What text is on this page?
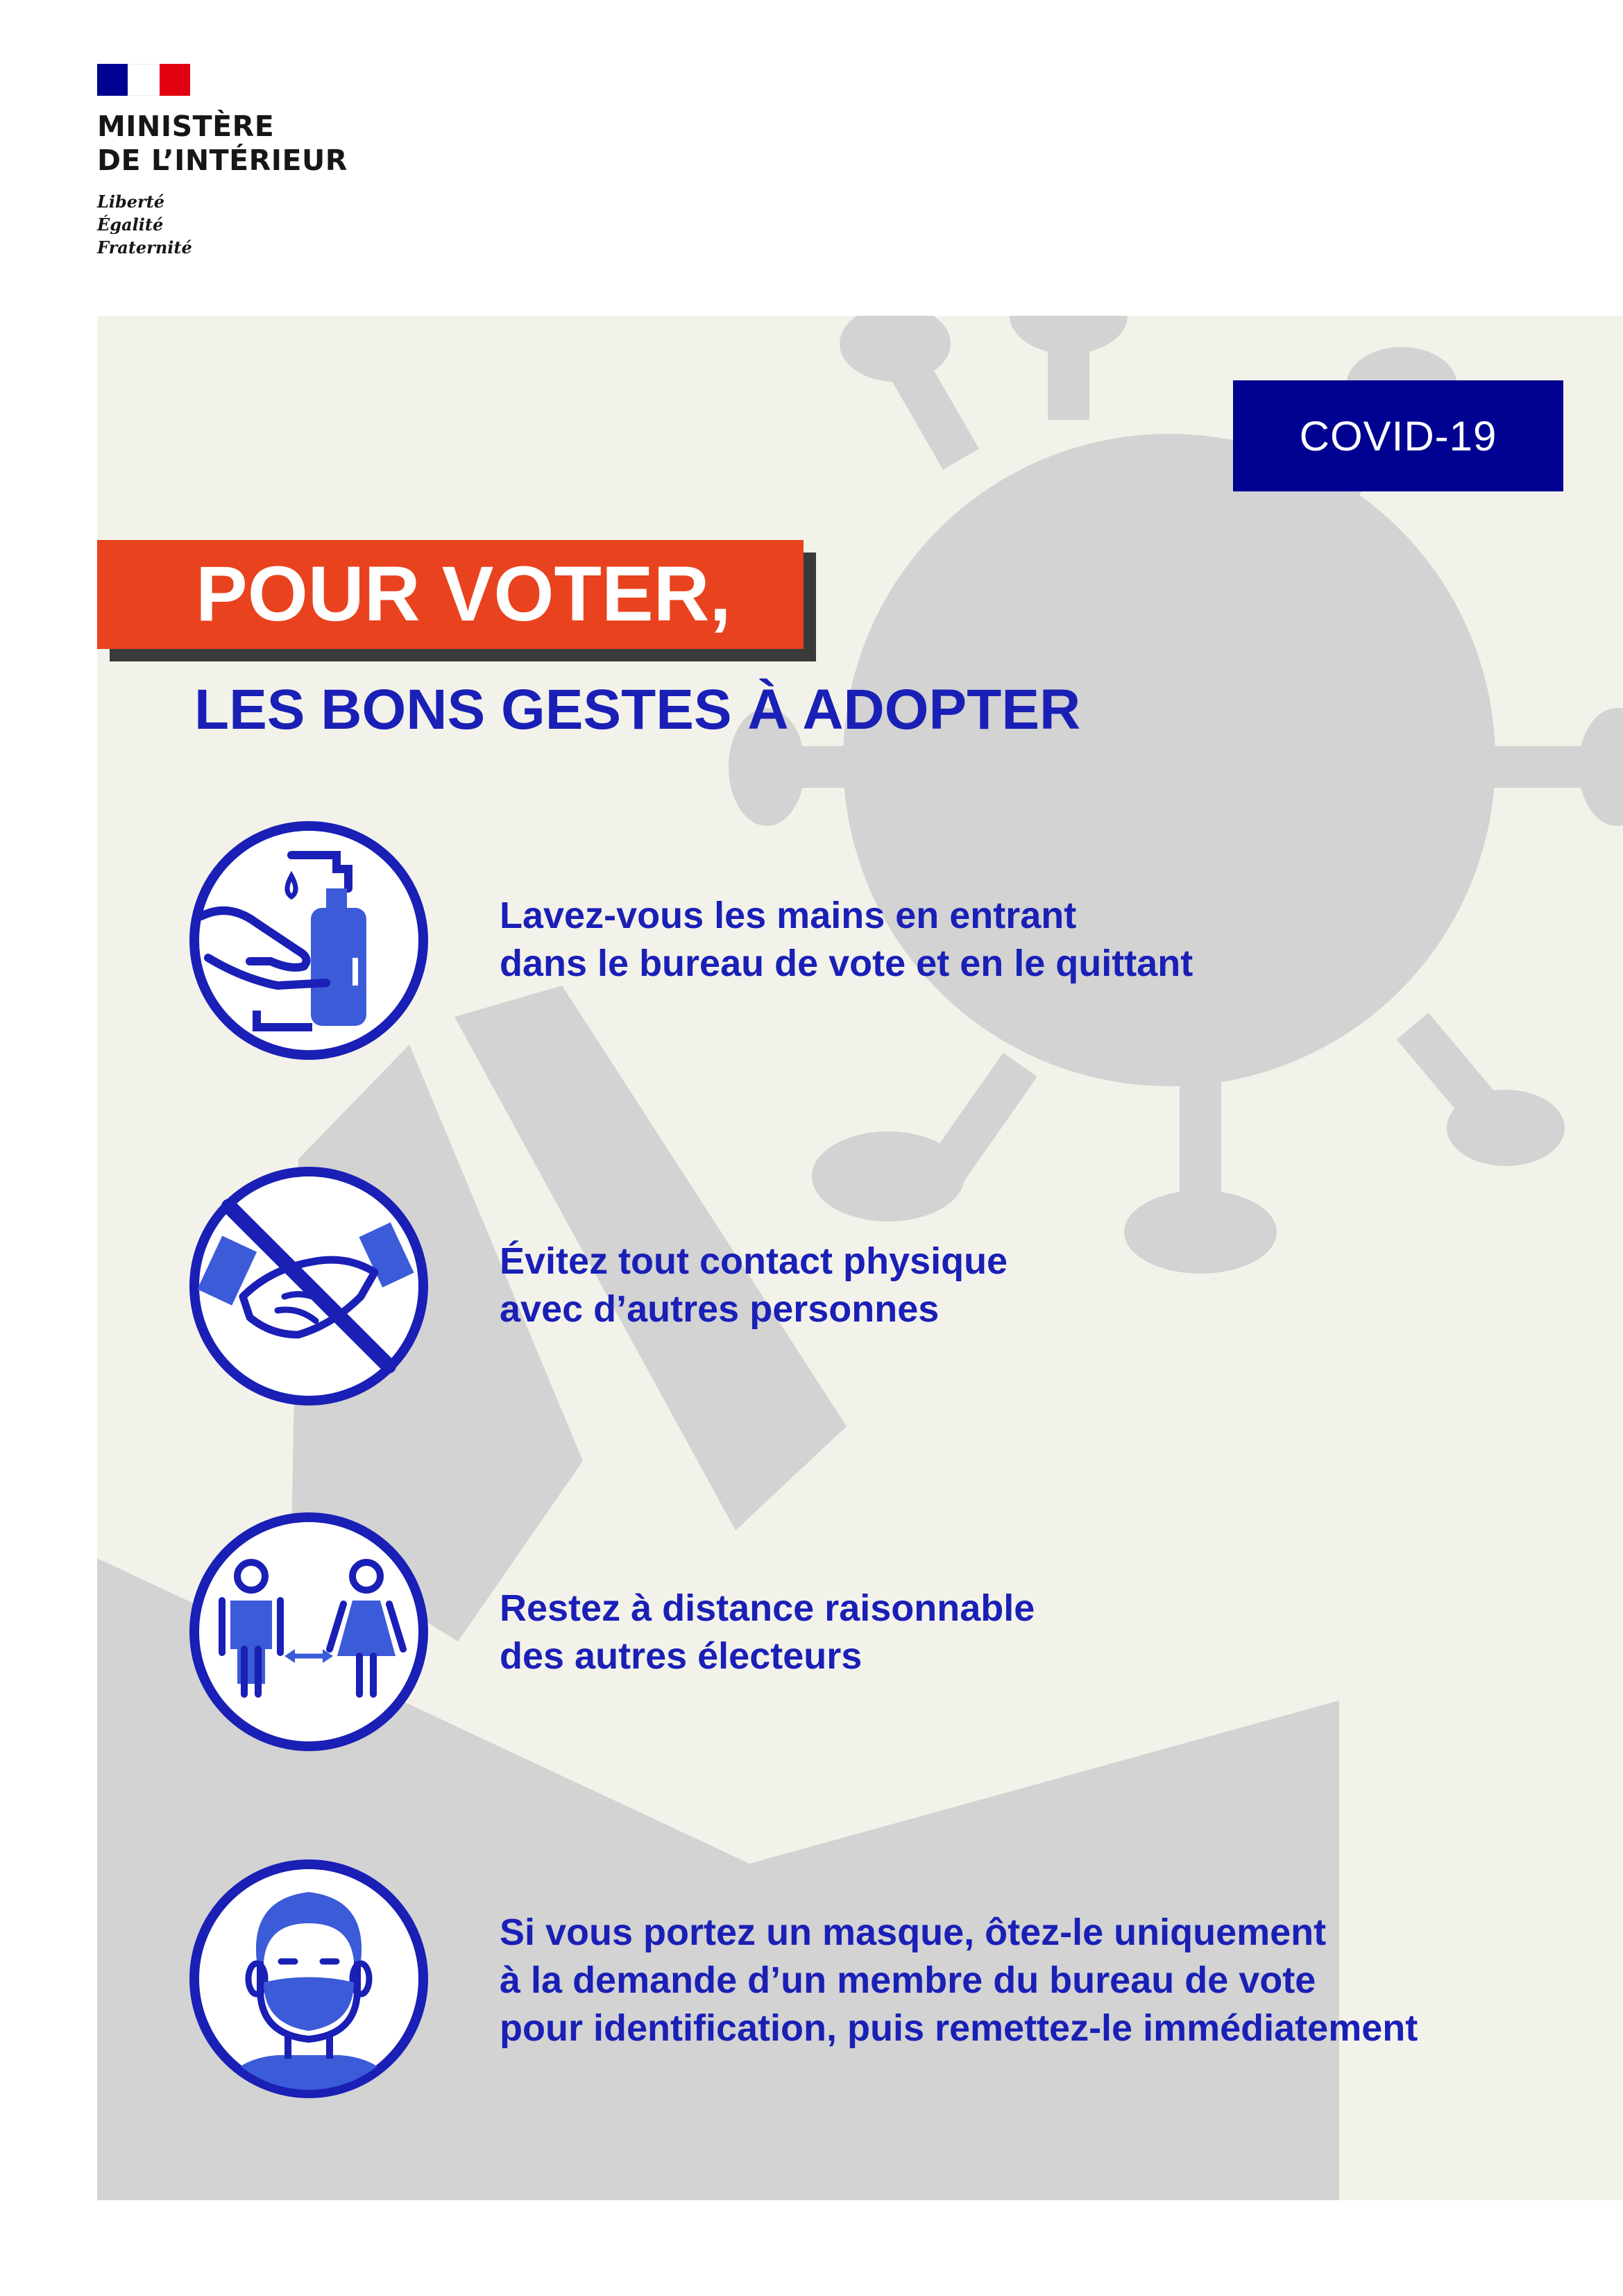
MINISTÈRE
DE L’INTÉRIEUR
Liberté
Égalité
Fraternité
COVID-19
POUR VOTER,
LES BONS GESTES À ADOPTER
Lavez-vous les mains en entrant
dans le bureau de vote et en le quittant
Évitez tout contact physique
avec d’autres personnes
Restez à distance raisonnable
des autres électeurs
Si vous portez un masque, ôtez-le uniquement
à la demande d’un membre du bureau de vote
pour identification, puis remettez-le immédiatement
